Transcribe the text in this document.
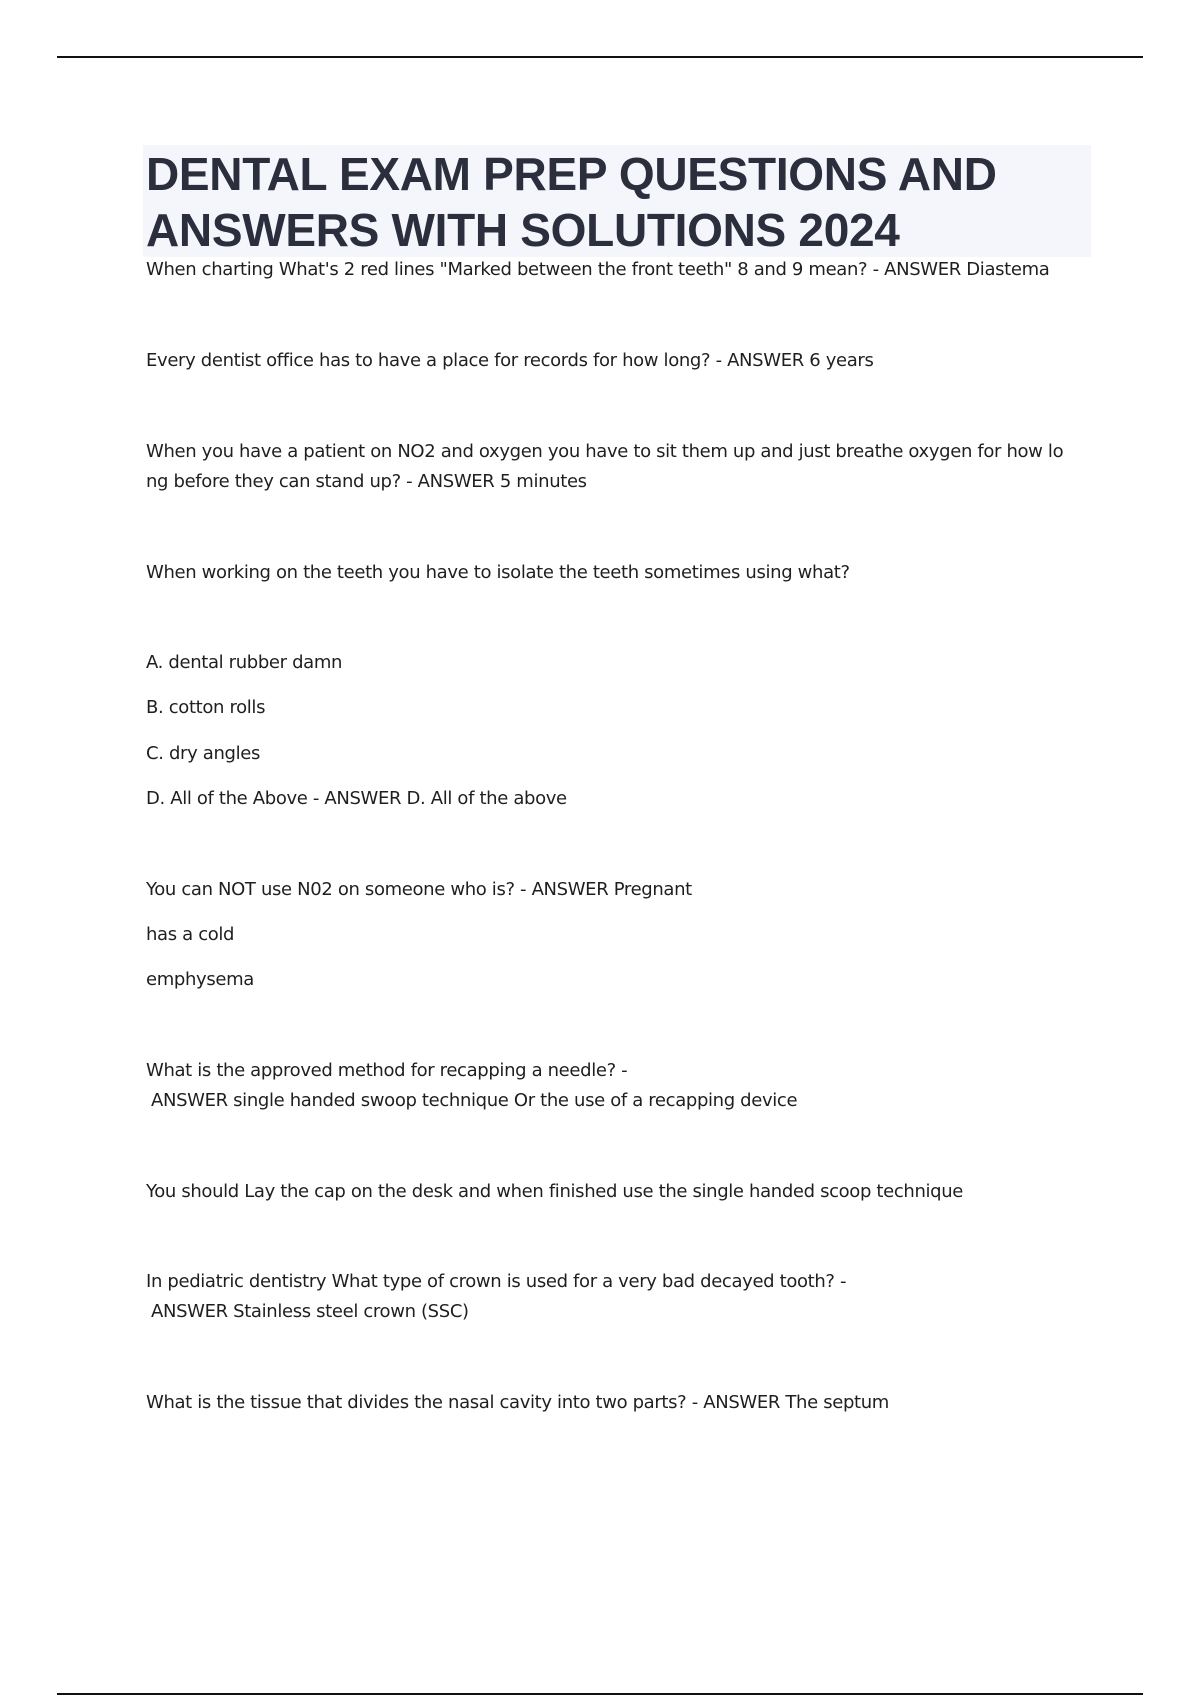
DENTAL EXAM PREP QUESTIONS AND
ANSWERS WITH SOLUTIONS 2024
When charting What's 2 red lines "Marked between the front teeth" 8 and 9 mean? - ANSWER Diastema
Every dentist office has to have a place for records for how long? - ANSWER 6 years
When you have a patient on NO2 and oxygen you have to sit them up and just breathe oxygen for how lo
ng before they can stand up? - ANSWER 5 minutes
When working on the teeth you have to isolate the teeth sometimes using what?
A. dental rubber damn
B. cotton rolls
C. dry angles
D. All of the Above - ANSWER D. All of the above
You can NOT use N02 on someone who is? - ANSWER Pregnant
has a cold
emphysema
What is the approved method for recapping a needle? -
ANSWER single handed swoop technique Or the use of a recapping device
You should Lay the cap on the desk and when finished use the single handed scoop technique
In pediatric dentistry What type of crown is used for a very bad decayed tooth? -
ANSWER Stainless steel crown (SSC)
What is the tissue that divides the nasal cavity into two parts? - ANSWER The septum
